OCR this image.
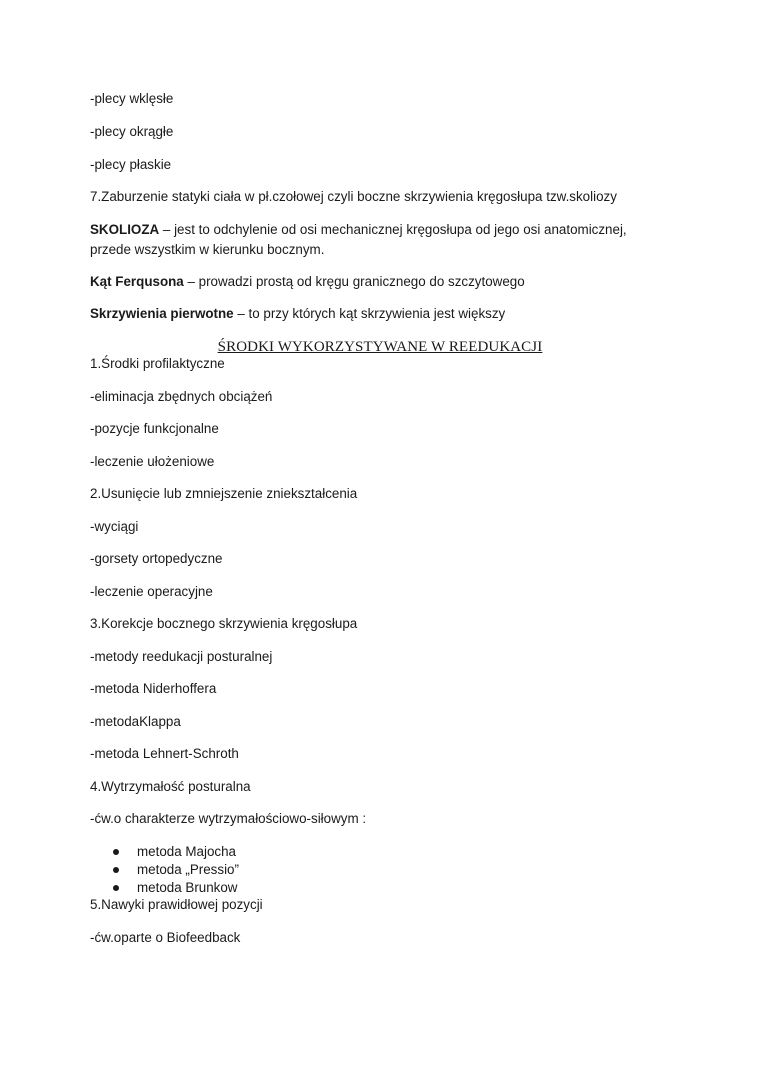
-plecy wklęsłe

-plecy okrągłe

-plecy płaskie

7.Zaburzenie statyki ciała w pł.czołowej czyli boczne skrzywienia kręgosłupa tzw.skoliozy

SKOLIOZA – jest to odchylenie od osi mechanicznej kręgosłupa od jego osi anatomicznej, przede wszystkim w kierunku bocznym.

Kąt Ferqusona – prowadzi prostą od kręgu granicznego do szczytowego

Skrzywienia pierwotne – to przy których kąt skrzywienia jest większy

ŚRODKI WYKORZYSTYWANE W REEDUKACJI

1.Środki profilaktyczne

-eliminacja zbędnych obciążeń

-pozycje funkcjonalne

-leczenie ułożeniowe

2.Usunięcie lub zmniejszenie zniekształcenia

-wyciągi

-gorsety ortopedyczne

-leczenie operacyjne

3.Korekcje bocznego skrzywienia kręgosłupa

-metody reedukacji posturalnej

-metoda Niderhoffera

-metodaKlappa

-metoda Lehnert-Schroth

4.Wytrzymałość posturalna

-ćw.o charakterze wytrzymałościowo-siłowym :

metoda Majocha

metoda „Pressio”

metoda Brunkow

5.Nawyki prawidłowej pozycji

-ćw.oparte o Biofeedback
